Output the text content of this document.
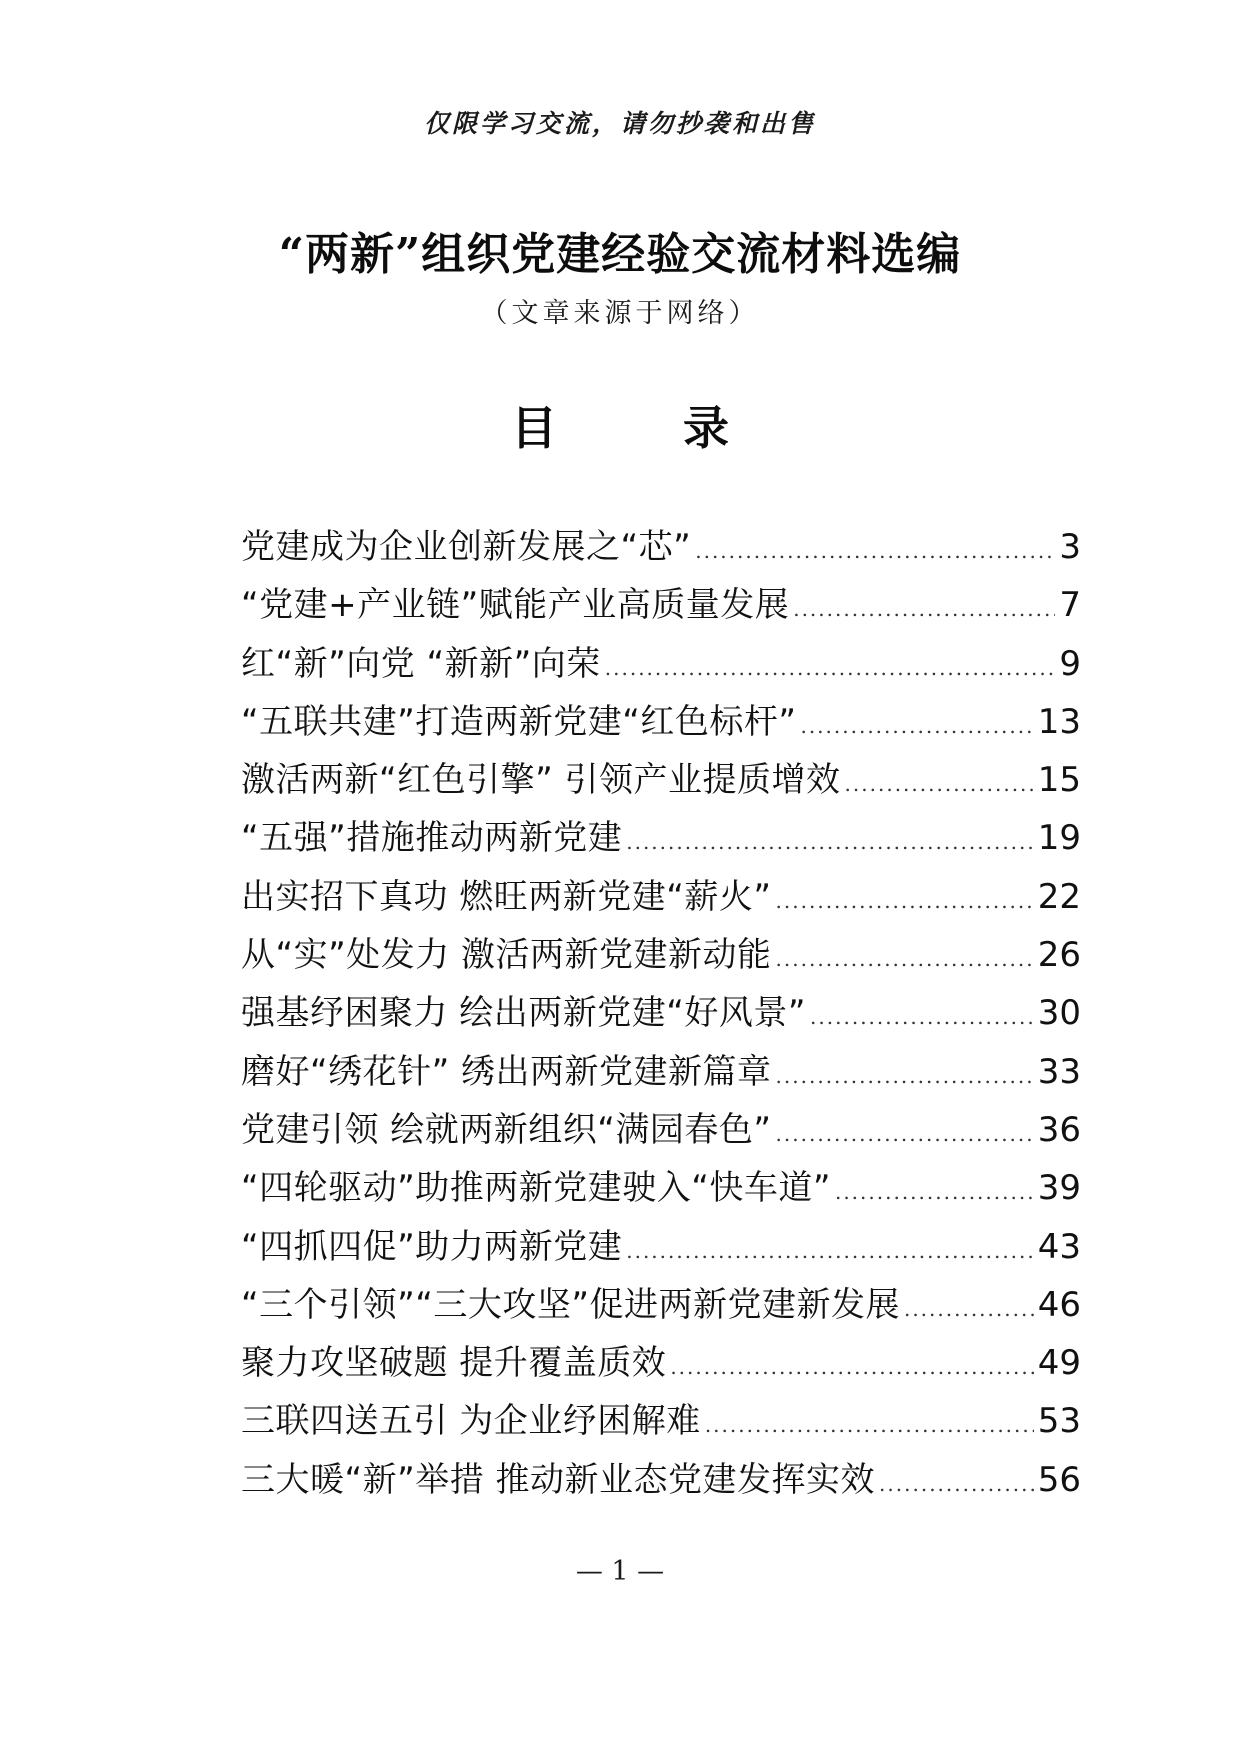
仅限学习交流，请勿抄袭和出售
“两新”组织党建经验交流材料选编
（文章来源于网络）
目　录
党建成为企业创新发展之“芯” .....	3
“党建+产业链”赋能产业高质量发展 .....	7
红“新”向党 “新新”向荣 .....	9
“五联共建”打造两新党建“红色标杆” .....	13
激活两新“红色引擎” 引领产业提质增效 .....	15
“五强”措施推动两新党建 .....	19
出实招下真功 燃旺两新党建“薪火” .....	22
从“实”处发力 激活两新党建新动能 .....	26
强基纾困聚力 绘出两新党建“好风景” .....	30
磨好“绣花针” 绣出两新党建新篇章 .....	33
党建引领 绘就两新组织“满园春色” .....	36
“四轮驱动”助推两新党建驶入“快车道” .....	39
“四抓四促”助力两新党建 .....	43
“三个引领”“三大攻坚”促进两新党建新发展 .....	46
聚力攻坚破题 提升覆盖质效 .....	49
三联四送五引 为企业纾困解难 .....	53
三大暖“新”举措 推动新业态党建发挥实效 .....	56
— 1 —
